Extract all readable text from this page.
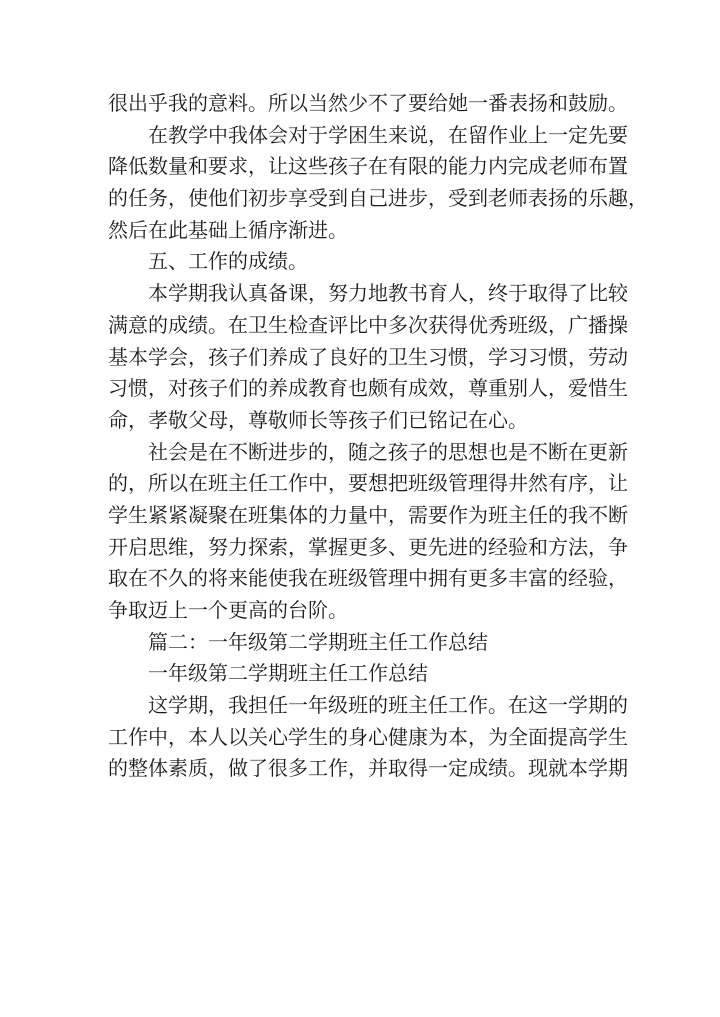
很出乎我的意料。所以当然少不了要给她一番表扬和鼓励。
在教学中我体会对于学困生来说，在留作业上一定先要
降低数量和要求，让这些孩子在有限的能力内完成老师布置
的任务，使他们初步享受到自己进步，受到老师表扬的乐趣，
然后在此基础上循序渐进。
五、工作的成绩。
本学期我认真备课，努力地教书育人，终于取得了比较
满意的成绩。在卫生检查评比中多次获得优秀班级，广播操
基本学会，孩子们养成了良好的卫生习惯，学习习惯，劳动
习惯，对孩子们的养成教育也颇有成效，尊重别人，爱惜生
命，孝敬父母，尊敬师长等孩子们已铭记在心。
社会是在不断进步的，随之孩子的思想也是不断在更新
的，所以在班主任工作中，要想把班级管理得井然有序，让
学生紧紧凝聚在班集体的力量中，需要作为班主任的我不断
开启思维，努力探索，掌握更多、更先进的经验和方法，争
取在不久的将来能使我在班级管理中拥有更多丰富的经验，
争取迈上一个更高的台阶。
篇二：一年级第二学期班主任工作总结
一年级第二学期班主任工作总结
这学期，我担任一年级班的班主任工作。在这一学期的
工作中，本人以关心学生的身心健康为本，为全面提高学生
的整体素质，做了很多工作，并取得一定成绩。现就本学期
